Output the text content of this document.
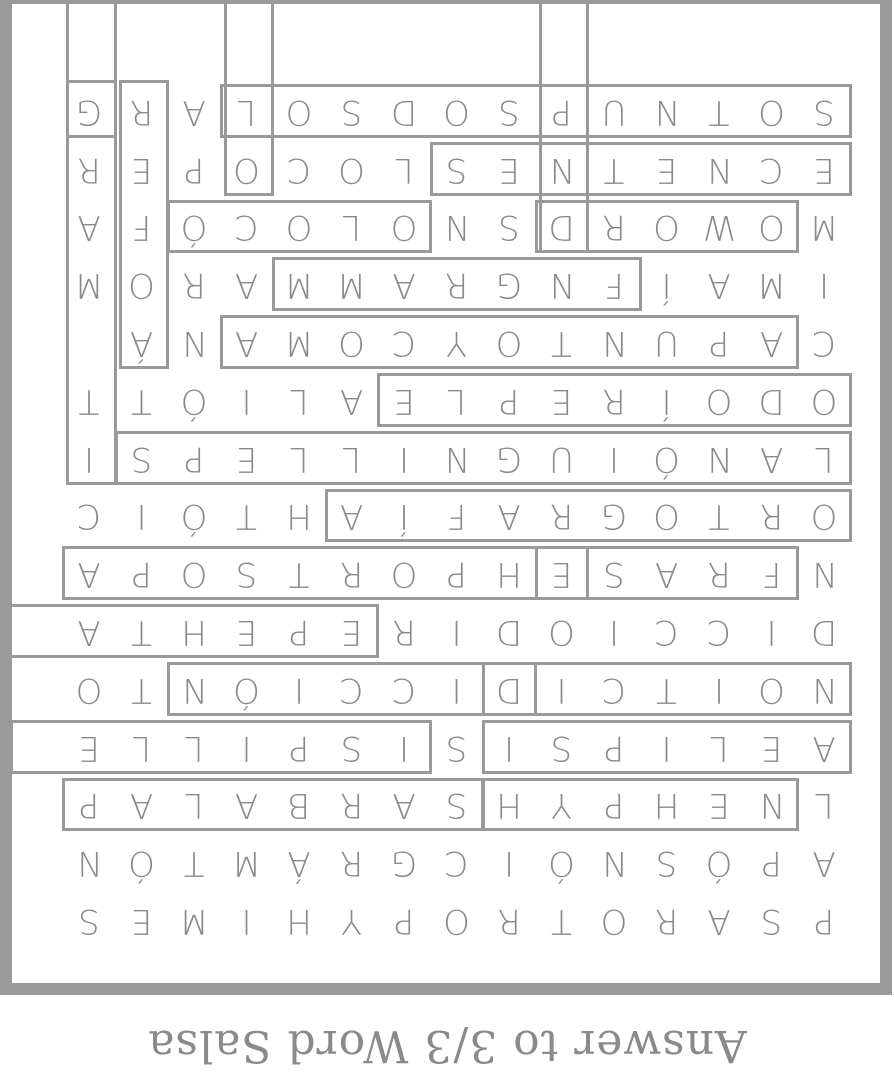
Answer to 3/3 Word Salsa
P
S
A
R
O
T
R
O
P
Y
H
I
M
E
S
A
P
Ó
S
N
Ó
I
C
G
R
Á
M
T
Ó
N
L
N
E
H
P
Y
H
S
A
R
B
A
L
A
P
A
E
L
I
P
S
I
S
I
S
P
I
L
L
E
N
O
I
T
C
I
D
I
C
C
I
Ó
N
T
O
D
I
C
C
I
O
D
I
R
E
P
E
H
T
A
N
F
R
A
S
E
H
P
O
R
T
S
O
P
A
O
R
T
O
G
R
A
F
Í
A
H
T
Ó
I
C
L
A
N
Ó
I
U
G
N
I
L
L
E
P
S
I
O
D
O
Í
R
E
P
L
E
A
L
I
Ó
T
T
C
A
P
U
N
T
O
Y
C
O
M
A
N
Á
I
M
A
Í
F
N
G
R
A
M
M
A
R
O
M
M
O
W
O
R
D
S
N
O
L
O
C
Ó
F
A
E
C
N
E
T
N
E
S
L
O
C
O
P
E
R
S
O
T
N
U
P
S
O
D
S
O
L
A
R
G
